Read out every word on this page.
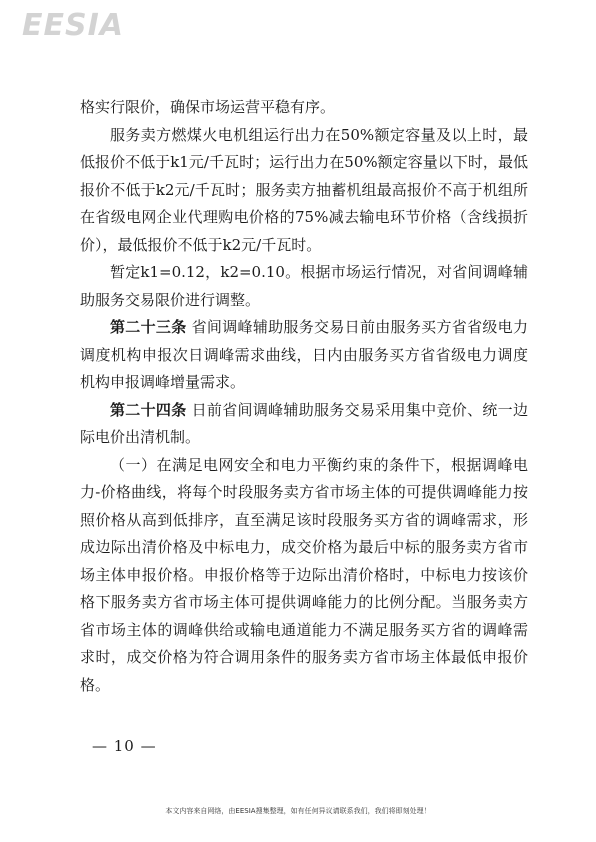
EESIA

格实行限价，确保市场运营平稳有序。

服务卖方燃煤火电机组运行出力在50%额定容量及以上时，最低报价不低于k1元/千瓦时；运行出力在50%额定容量以下时，最低报价不低于k2元/千瓦时；服务卖方抽蓄机组最高报价不高于机组所在省级电网企业代理购电价格的75%减去输电环节价格（含线损折价），最低报价不低于k2元/千瓦时。

暂定k1=0.12，k2=0.10。根据市场运行情况，对省间调峰辅助服务交易限价进行调整。

第二十三条 省间调峰辅助服务交易日前由服务买方省省级电力调度机构申报次日调峰需求曲线，日内由服务买方省省级电力调度机构申报调峰增量需求。

第二十四条 日前省间调峰辅助服务交易采用集中竞价、统一边际电价出清机制。

（一）在满足电网安全和电力平衡约束的条件下，根据调峰电力-价格曲线，将每个时段服务卖方省市场主体的可提供调峰能力按照价格从高到低排序，直至满足该时段服务买方省的调峰需求，形成边际出清价格及中标电力，成交价格为最后中标的服务卖方省市场主体申报价格。申报价格等于边际出清价格时，中标电力按该价格下服务卖方省市场主体可提供调峰能力的比例分配。当服务卖方省市场主体的调峰供给或输电通道能力不满足服务买方省的调峰需求时，成交价格为符合调用条件的服务卖方省市场主体最低申报价格。

— 10 —
本文内容来自网络，由EESIA搜集整理，如有任何异议请联系我们，我们将即刻处理！
